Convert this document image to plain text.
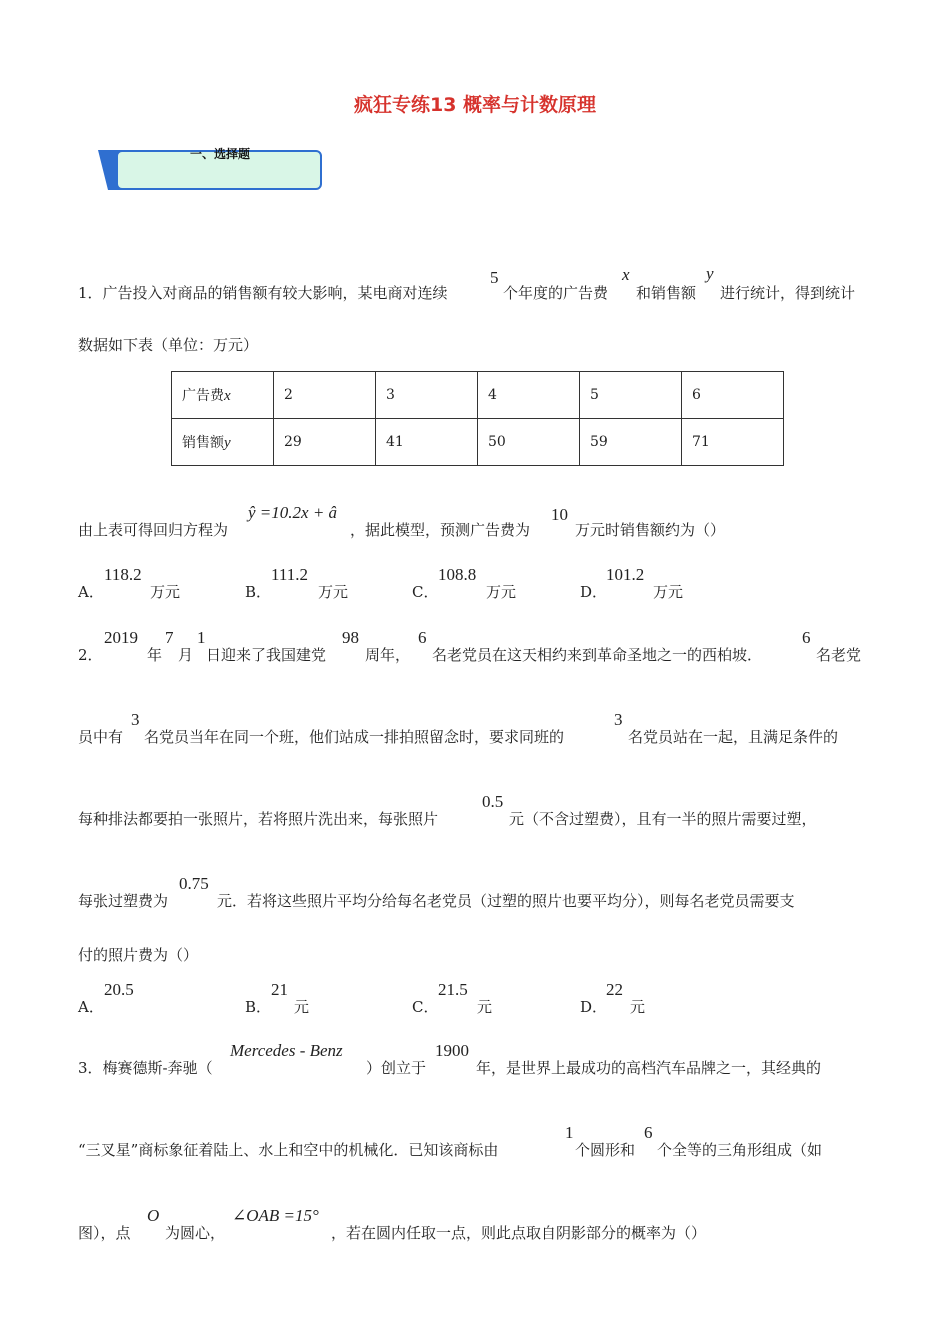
疯狂专练13 概率与计数原理
一、选择题
1．广告投入对商品的销售额有较大影响，某电商对连续
5
个年度的广告费
x
和销售额
y
进行统计，得到统计
数据如下表（单位：万元）
广告费x	2	3	4	5	6
销售额y	29	41	50	59	71
由上表可得回归方程为
ŷ =10.2x + â
，据此模型，预测广告费为
10
万元时销售额约为（）
A．
118.2
万元	B．
111.2
万元	C．
108.8
万元	D．
101.2
万元
2．
2019
年
7
月
1
日迎来了我国建党
98
周年，
6
名老党员在这天相约来到革命圣地之一的西柏坡．
6
名老党
员中有
3
名党员当年在同一个班，他们站成一排拍照留念时，要求同班的
3
名党员站在一起，且满足条件的
每种排法都要拍一张照片，若将照片洗出来，每张照片
0.5
元（不含过塑费），且有一半的照片需要过塑，
每张过塑费为
0.75
元．若将这些照片平均分给每名老党员（过塑的照片也要平均分），则每名老党员需要支
付的照片费为（）
A．
20.5
B．
21
元	C．
21.5
元	D．
22
元
3．梅赛德斯-奔驰（
Mercedes - Benz
）创立于
1900
年，是世界上最成功的高档汽车品牌之一，其经典的
“三叉星”商标象征着陆上、水上和空中的机械化．已知该商标由
1
个圆形和
6
个全等的三角形组成（如
图），点
O
为圆心，
∠OAB =15°
，若在圆内任取一点，则此点取自阴影部分的概率为（）
